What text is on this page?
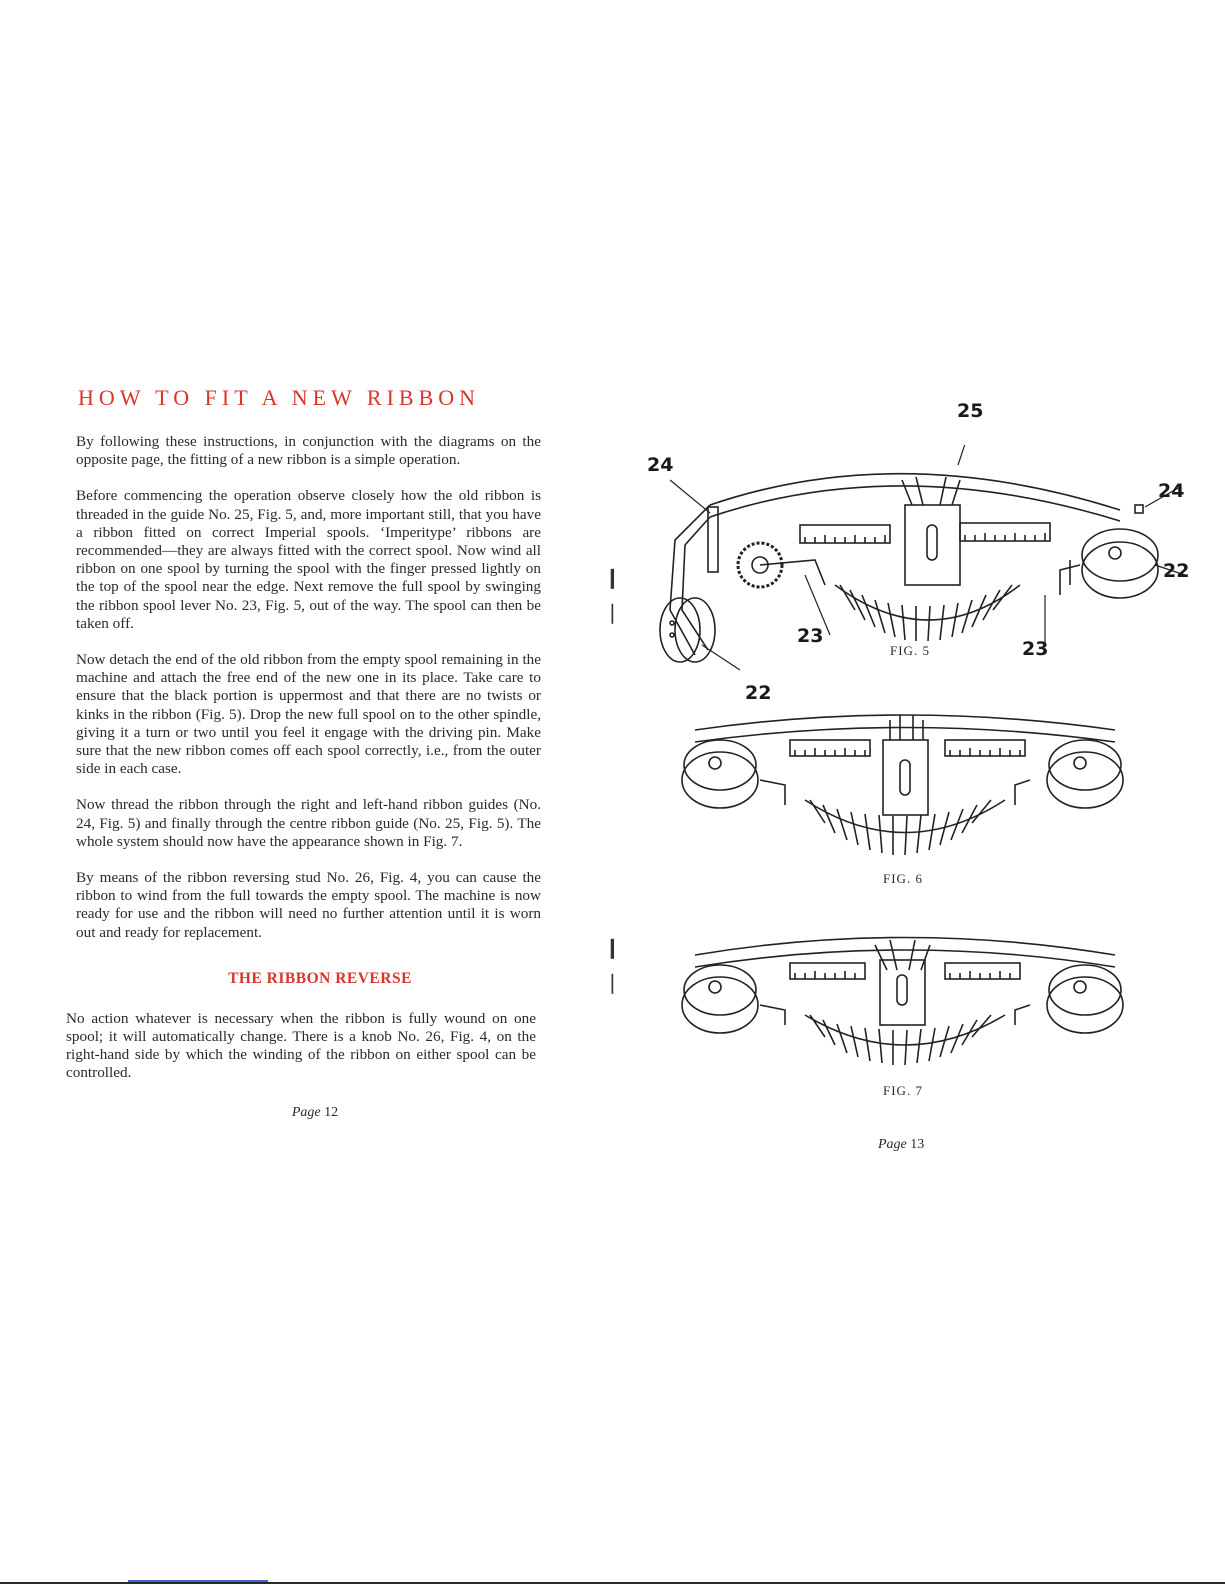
HOW TO FIT A NEW RIBBON

By following these instructions, in conjunction with the diagrams on the opposite page, the fitting of a new ribbon is a simple operation.

Before commencing the operation observe closely how the old ribbon is threaded in the guide No. 25, Fig. 5, and, more important still, that you have a ribbon fitted on correct Imperial spools. ‘Imperitype’ ribbons are recommended—they are always fitted with the correct spool. Now wind all ribbon on one spool by turning the spool with the finger pressed lightly on the top of the spool near the edge. Next remove the full spool by swinging the ribbon spool lever No. 23, Fig. 5, out of the way. The spool can then be taken off.

Now detach the end of the old ribbon from the empty spool remaining in the machine and attach the free end of the new one in its place. Take care to ensure that the black portion is uppermost and that there are no twists or kinks in the ribbon (Fig. 5). Drop the new full spool on to the other spindle, giving it a turn or two until you feel it engage with the driving pin. Make sure that the new ribbon comes off each spool correctly, i.e., from the outer side in each case.

Now thread the ribbon through the right and left-hand ribbon guides (No. 24, Fig. 5) and finally through the centre ribbon guide (No. 25, Fig. 5). The whole system should now have the appearance shown in Fig. 7.

By means of the ribbon reversing stud No. 26, Fig. 4, you can cause the ribbon to wind from the full towards the empty spool. The machine is now ready for use and the ribbon will need no further attention until it is worn out and ready for replacement.

THE RIBBON REVERSE

No action whatever is necessary when the ribbon is fully wound on one spool; it will automatically change. There is a knob No. 26, Fig. 4, on the right-hand side by which the winding of the ribbon on either spool can be controlled.

Page 12
❙
❘
❙
❘
FIG. 5
25
24
24
22
22
23
23
FIG. 6
FIG. 7
Page 13
